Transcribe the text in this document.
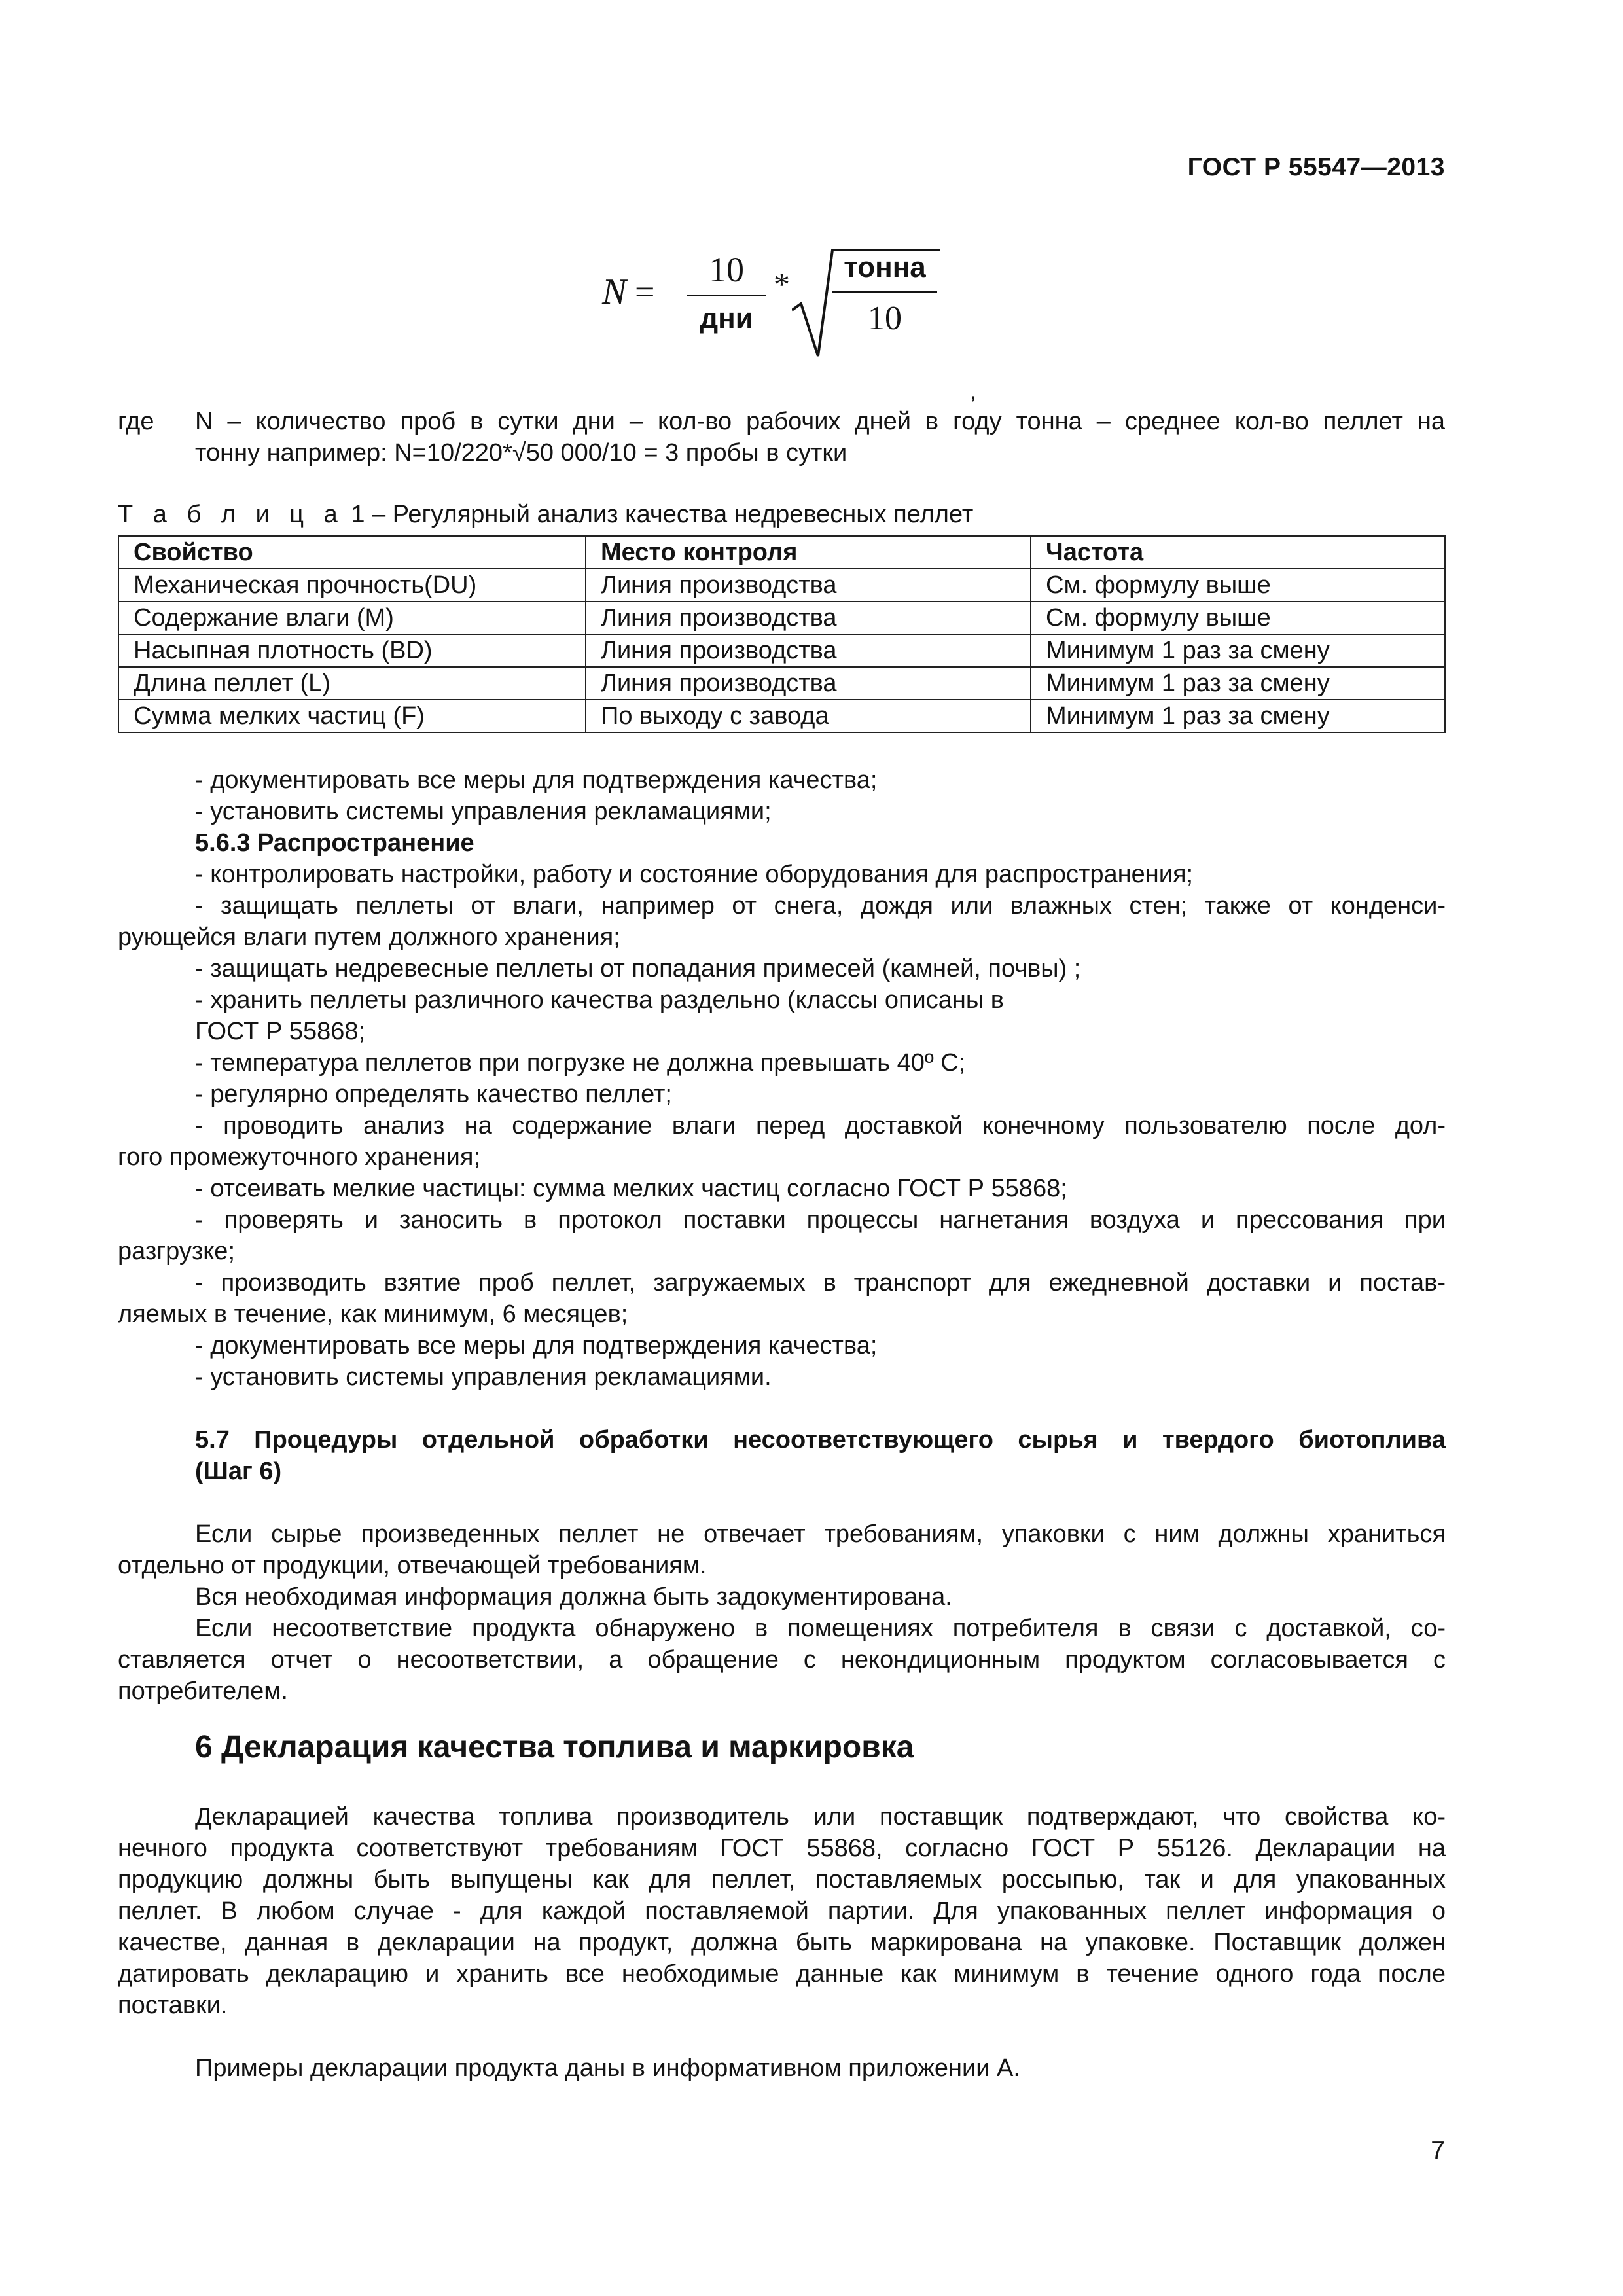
ГОСТ Р 55547—2013
N =
10
дни
*	тонна
10
,
где N – количество проб в сутки дни – кол-во рабочих дней в году тонна – среднее кол-во пеллет на
тонну например: N=10/220*√50 000/10 = 3 пробы в сутки
Т а б л и ц а 1 – Регулярный анализ качества недревесных пеллет
Свойство	Место контроля	Частота
Механическая прочность(DU)	Линия производства	См. формулу выше
Содержание влаги (M)	Линия производства	См. формулу выше
Насыпная плотность (BD)	Линия производства	Минимум 1 раз за смену
Длина пеллет (L)	Линия производства	Минимум 1 раз за смену
Сумма мелких частиц (F)	По выходу с завода	Минимум 1 раз за смену
- документировать все меры для подтверждения качества;
- установить системы управления рекламациями;
5.6.3 Распространение
- контролировать настройки, работу и состояние оборудования для распространения;
- защищать пеллеты от влаги, например от снега, дождя или влажных стен; также от конденси-
рующейся влаги путем должного хранения;
- защищать недревесные пеллеты от попадания примесей (камней, почвы) ;
- хранить пеллеты различного качества раздельно (классы описаны в
ГОСТ Р 55868;
- температура пеллетов при погрузке не должна превышать 40º С;
- регулярно определять качество пеллет;
- проводить анализ на содержание влаги перед доставкой конечному пользователю после дол-
гого промежуточного хранения;
- отсеивать мелкие частицы: сумма мелких частиц согласно ГОСТ Р 55868;
- проверять и заносить в протокол поставки процессы нагнетания воздуха и прессования при
разгрузке;
- производить взятие проб пеллет, загружаемых в транспорт для ежедневной доставки и постав-
ляемых в течение, как минимум, 6 месяцев;
- документировать все меры для подтверждения качества;
- установить системы управления рекламациями.
5.7 Процедуры отдельной обработки несоответствующего сырья и твердого биотоплива
(Шаг 6)
Если сырье произведенных пеллет не отвечает требованиям, упаковки с ним должны храниться
отдельно от продукции, отвечающей требованиям.
Вся необходимая информация должна быть задокументирована.
Если несоответствие продукта обнаружено в помещениях потребителя в связи с доставкой, со-
ставляется отчет о несоответствии, а обращение с некондиционным продуктом согласовывается с
потребителем.
6 Декларация качества топлива и маркировка
Декларацией качества топлива производитель или поставщик подтверждают, что свойства ко-
нечного продукта соответствуют требованиям ГОСТ 55868, согласно ГОСТ Р 55126. Декларации на
продукцию должны быть выпущены как для пеллет, поставляемых россыпью, так и для упакованных
пеллет. В любом случае - для каждой поставляемой партии. Для упакованных пеллет информация о
качестве, данная в декларации на продукт, должна быть маркирована на упаковке. Поставщик должен
датировать декларацию и хранить все необходимые данные как минимум в течение одного года после
поставки.
Примеры декларации продукта даны в информативном приложении А.
7
